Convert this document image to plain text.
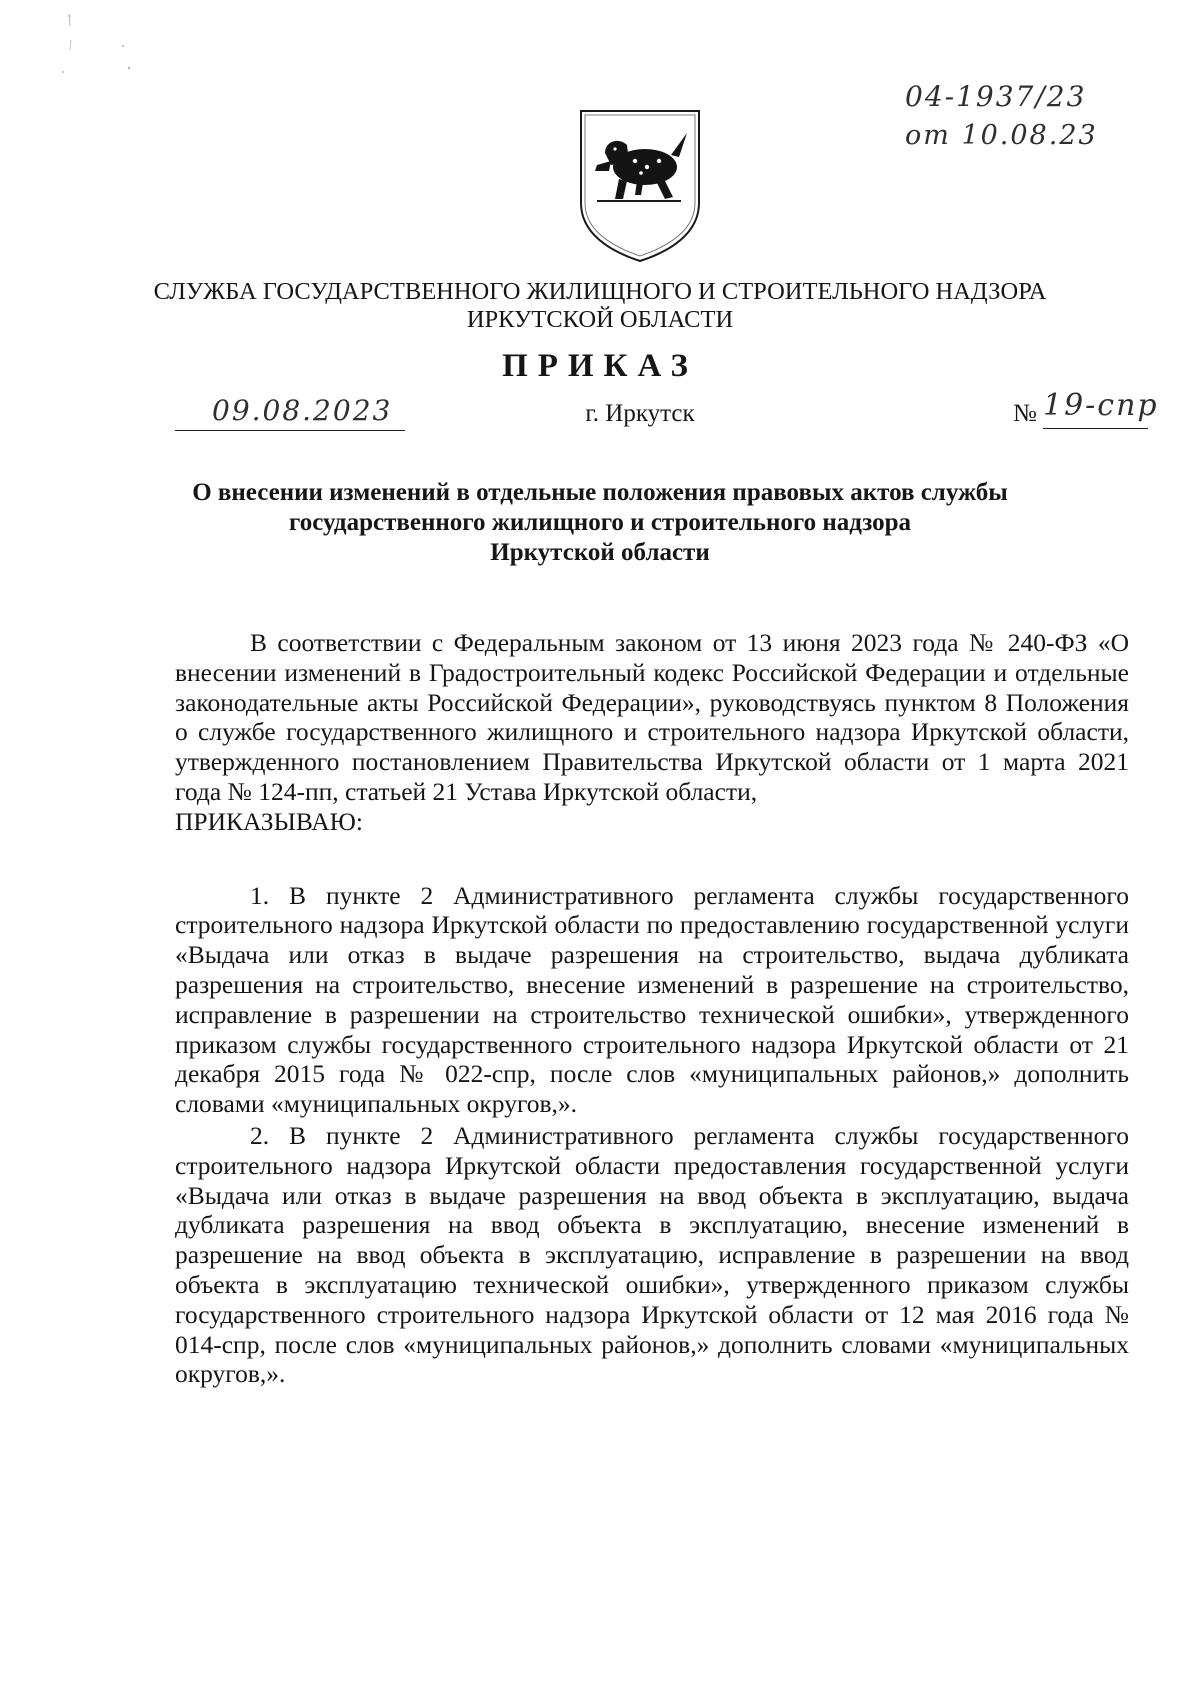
04-1937/23
от 10.08.23
СЛУЖБА ГОСУДАРСТВЕННОГО ЖИЛИЩНОГО И СТРОИТЕЛЬНОГО НАДЗОРА
ИРКУТСКОЙ ОБЛАСТИ
ПРИКАЗ
09.08.2023	г. Иркутск	№ 19-спр
О внесении изменений в отдельные положения правовых актов службы
государственного жилищного и строительного надзора
Иркутской области

В соответствии с Федеральным законом от 13 июня 2023 года № 240-ФЗ «О внесении изменений в Градостроительный кодекс Российской Федерации и отдельные законодательные акты Российской Федерации», руководствуясь пунктом 8 Положения о службе государственного жилищного и строительного надзора Иркутской области, утвержденного постановлением Правительства Иркутской области от 1 марта 2021 года № 124-пп, статьей 21 Устава Иркутской области,

ПРИКАЗЫВАЮ:

1. В пункте 2 Административного регламента службы государственного строительного надзора Иркутской области по предоставлению государственной услуги «Выдача или отказ в выдаче разрешения на строительство, выдача дубликата разрешения на строительство, внесение изменений в разрешение на строительство, исправление в разрешении на строительство технической ошибки», утвержденного приказом службы государственного строительного надзора Иркутской области от 21 декабря 2015 года № 022-спр, после слов «муниципальных районов,» дополнить словами «муниципальных округов,».

2. В пункте 2 Административного регламента службы государственного строительного надзора Иркутской области предоставления государственной услуги «Выдача или отказ в выдаче разрешения на ввод объекта в эксплуатацию, выдача дубликата разрешения на ввод объекта в эксплуатацию, внесение изменений в разрешение на ввод объекта в эксплуатацию, исправление в разрешении на ввод объекта в эксплуатацию технической ошибки», утвержденного приказом службы государственного строительного надзора Иркутской области от 12 мая 2016 года № 014-спр, после слов «муниципальных районов,» дополнить словами «муниципальных округов,».
